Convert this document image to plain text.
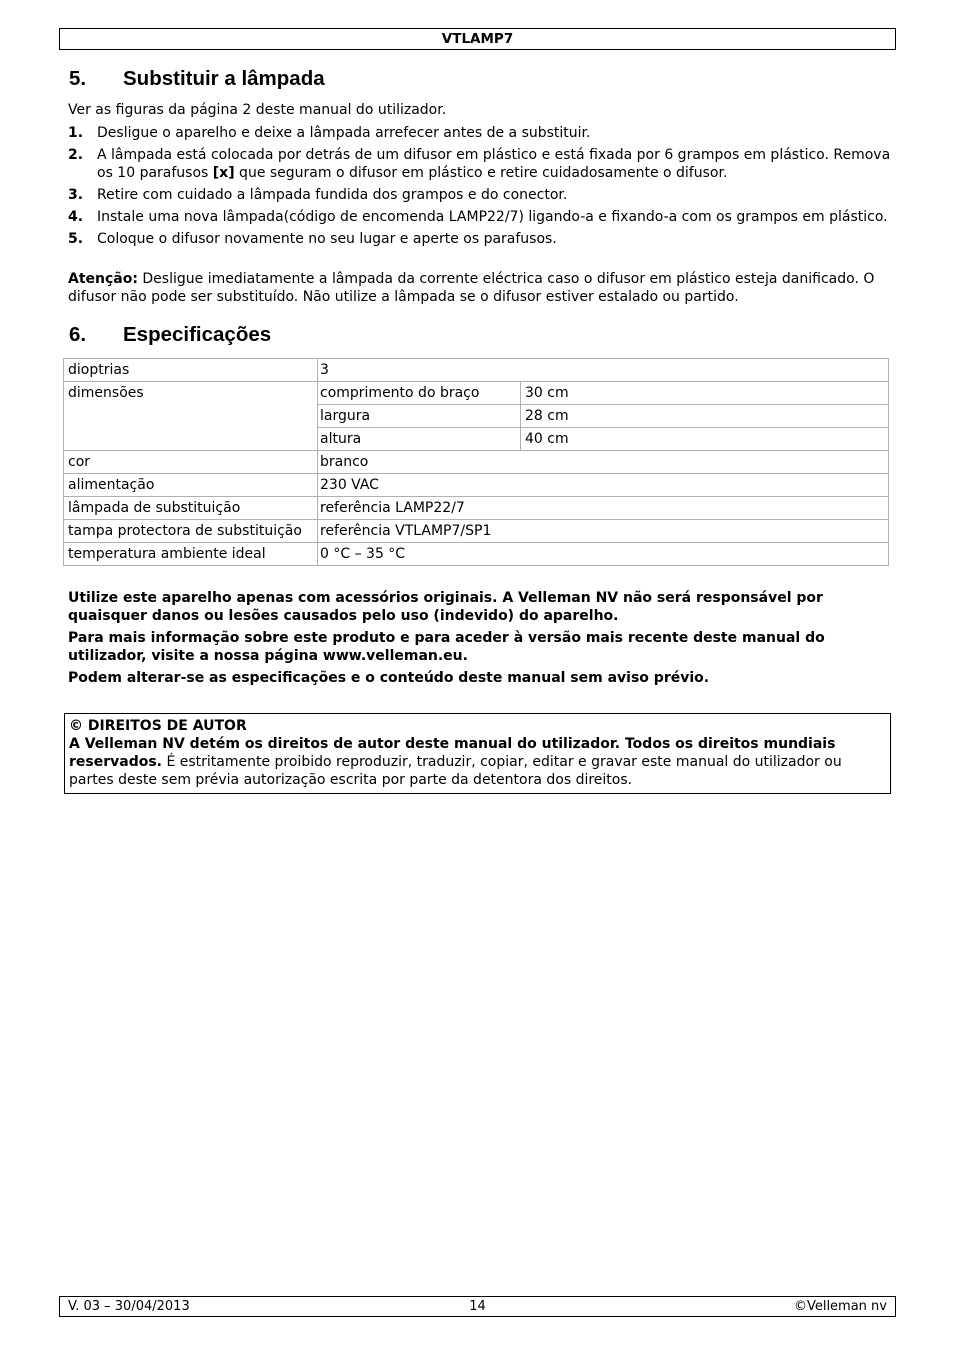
VTLAMP7
5. Substituir a lâmpada
Ver as figuras da página 2 deste manual do utilizador.
1. Desligue o aparelho e deixe a lâmpada arrefecer antes de a substituir.
2. A lâmpada está colocada por detrás de um difusor em plástico e está fixada por 6 grampos em plástico. Remova os 10 parafusos [x] que seguram o difusor em plástico e retire cuidadosamente o difusor.
3. Retire com cuidado a lâmpada fundida dos grampos e do conector.
4. Instale uma nova lâmpada(código de encomenda LAMP22/7) ligando-a e fixando-a com os grampos em plástico.
5. Coloque o difusor novamente no seu lugar e aperte os parafusos.
Atenção: Desligue imediatamente a lâmpada da corrente eléctrica caso o difusor em plástico esteja danificado. O difusor não pode ser substituído. Não utilize a lâmpada se o difusor estiver estalado ou partido.
6. Especificações
dioptrias	3	
dimensões	comprimento do braço	30 cm
	largura	28 cm
	altura	40 cm
cor	branco	
alimentação	230 VAC	
lâmpada de substituição	referência LAMP22/7	
tampa protectora de substituição	referência VTLAMP7/SP1	
temperatura ambiente ideal	0 °C – 35 °C	
Utilize este aparelho apenas com acessórios originais. A Velleman NV não será responsável por quaisquer danos ou lesões causados pelo uso (indevido) do aparelho.
Para mais informação sobre este produto e para aceder à versão mais recente deste manual do utilizador, visite a nossa página www.velleman.eu.
Podem alterar-se as especificações e o conteúdo deste manual sem aviso prévio.
© DIREITOS DE AUTOR
A Velleman NV detém os direitos de autor deste manual do utilizador. Todos os direitos mundiais reservados. É estritamente proibido reproduzir, traduzir, copiar, editar e gravar este manual do utilizador ou partes deste sem prévia autorização escrita por parte da detentora dos direitos.
V. 03 – 30/04/2013	14	©Velleman nv
